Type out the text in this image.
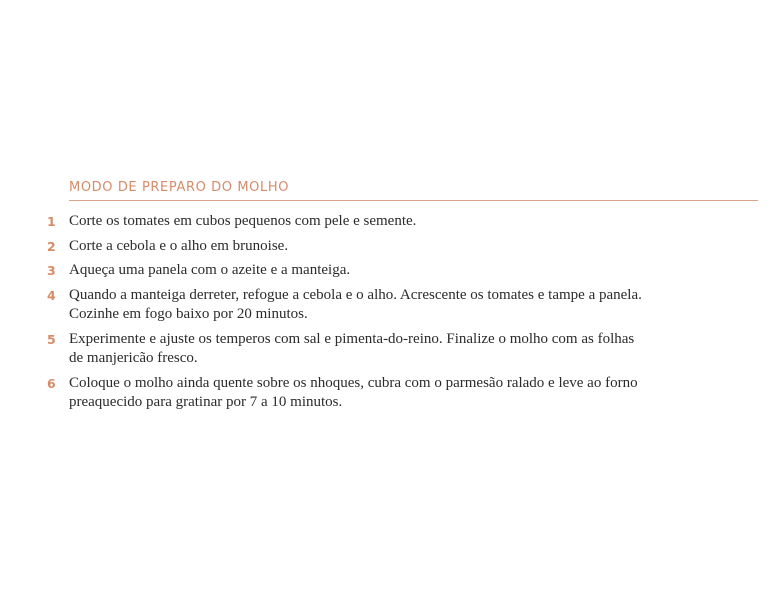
MODO DE PREPARO DO MOLHO
1 Corte os tomates em cubos pequenos com pele e semente.
2 Corte a cebola e o alho em brunoise.
3 Aqueça uma panela com o azeite e a manteiga.
4 Quando a manteiga derreter, refogue a cebola e o alho. Acrescente os tomates e tampe a panela. Cozinhe em fogo baixo por 20 minutos.
5 Experimente e ajuste os temperos com sal e pimenta-do-reino. Finalize o molho com as folhas de manjericão fresco.
6 Coloque o molho ainda quente sobre os nhoques, cubra com o parmesão ralado e leve ao forno preaquecido para gratinar por 7 a 10 minutos.
